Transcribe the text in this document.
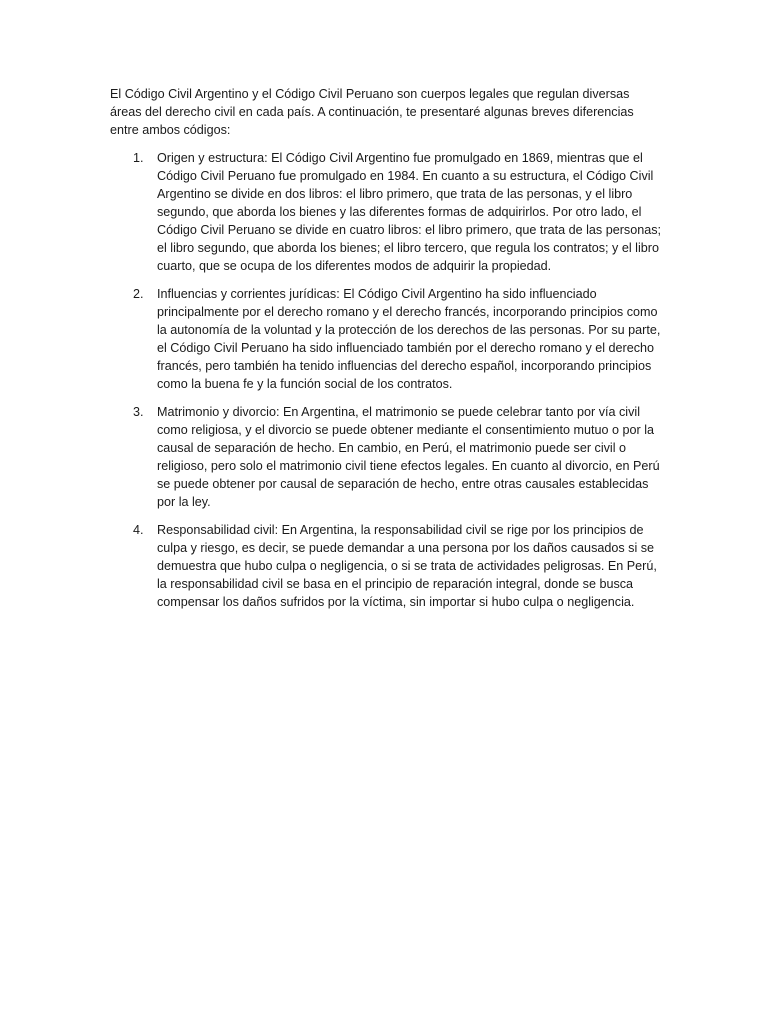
El Código Civil Argentino y el Código Civil Peruano son cuerpos legales que regulan diversas áreas del derecho civil en cada país. A continuación, te presentaré algunas breves diferencias entre ambos códigos:

1. Origen y estructura: El Código Civil Argentino fue promulgado en 1869, mientras que el Código Civil Peruano fue promulgado en 1984. En cuanto a su estructura, el Código Civil Argentino se divide en dos libros: el libro primero, que trata de las personas, y el libro segundo, que aborda los bienes y las diferentes formas de adquirirlos. Por otro lado, el Código Civil Peruano se divide en cuatro libros: el libro primero, que trata de las personas; el libro segundo, que aborda los bienes; el libro tercero, que regula los contratos; y el libro cuarto, que se ocupa de los diferentes modos de adquirir la propiedad.
2. Influencias y corrientes jurídicas: El Código Civil Argentino ha sido influenciado principalmente por el derecho romano y el derecho francés, incorporando principios como la autonomía de la voluntad y la protección de los derechos de las personas. Por su parte, el Código Civil Peruano ha sido influenciado también por el derecho romano y el derecho francés, pero también ha tenido influencias del derecho español, incorporando principios como la buena fe y la función social de los contratos.
3. Matrimonio y divorcio: En Argentina, el matrimonio se puede celebrar tanto por vía civil como religiosa, y el divorcio se puede obtener mediante el consentimiento mutuo o por la causal de separación de hecho. En cambio, en Perú, el matrimonio puede ser civil o religioso, pero solo el matrimonio civil tiene efectos legales. En cuanto al divorcio, en Perú se puede obtener por causal de separación de hecho, entre otras causales establecidas por la ley.
4. Responsabilidad civil: En Argentina, la responsabilidad civil se rige por los principios de culpa y riesgo, es decir, se puede demandar a una persona por los daños causados si se demuestra que hubo culpa o negligencia, o si se trata de actividades peligrosas. En Perú, la responsabilidad civil se basa en el principio de reparación integral, donde se busca compensar los daños sufridos por la víctima, sin importar si hubo culpa o negligencia.
